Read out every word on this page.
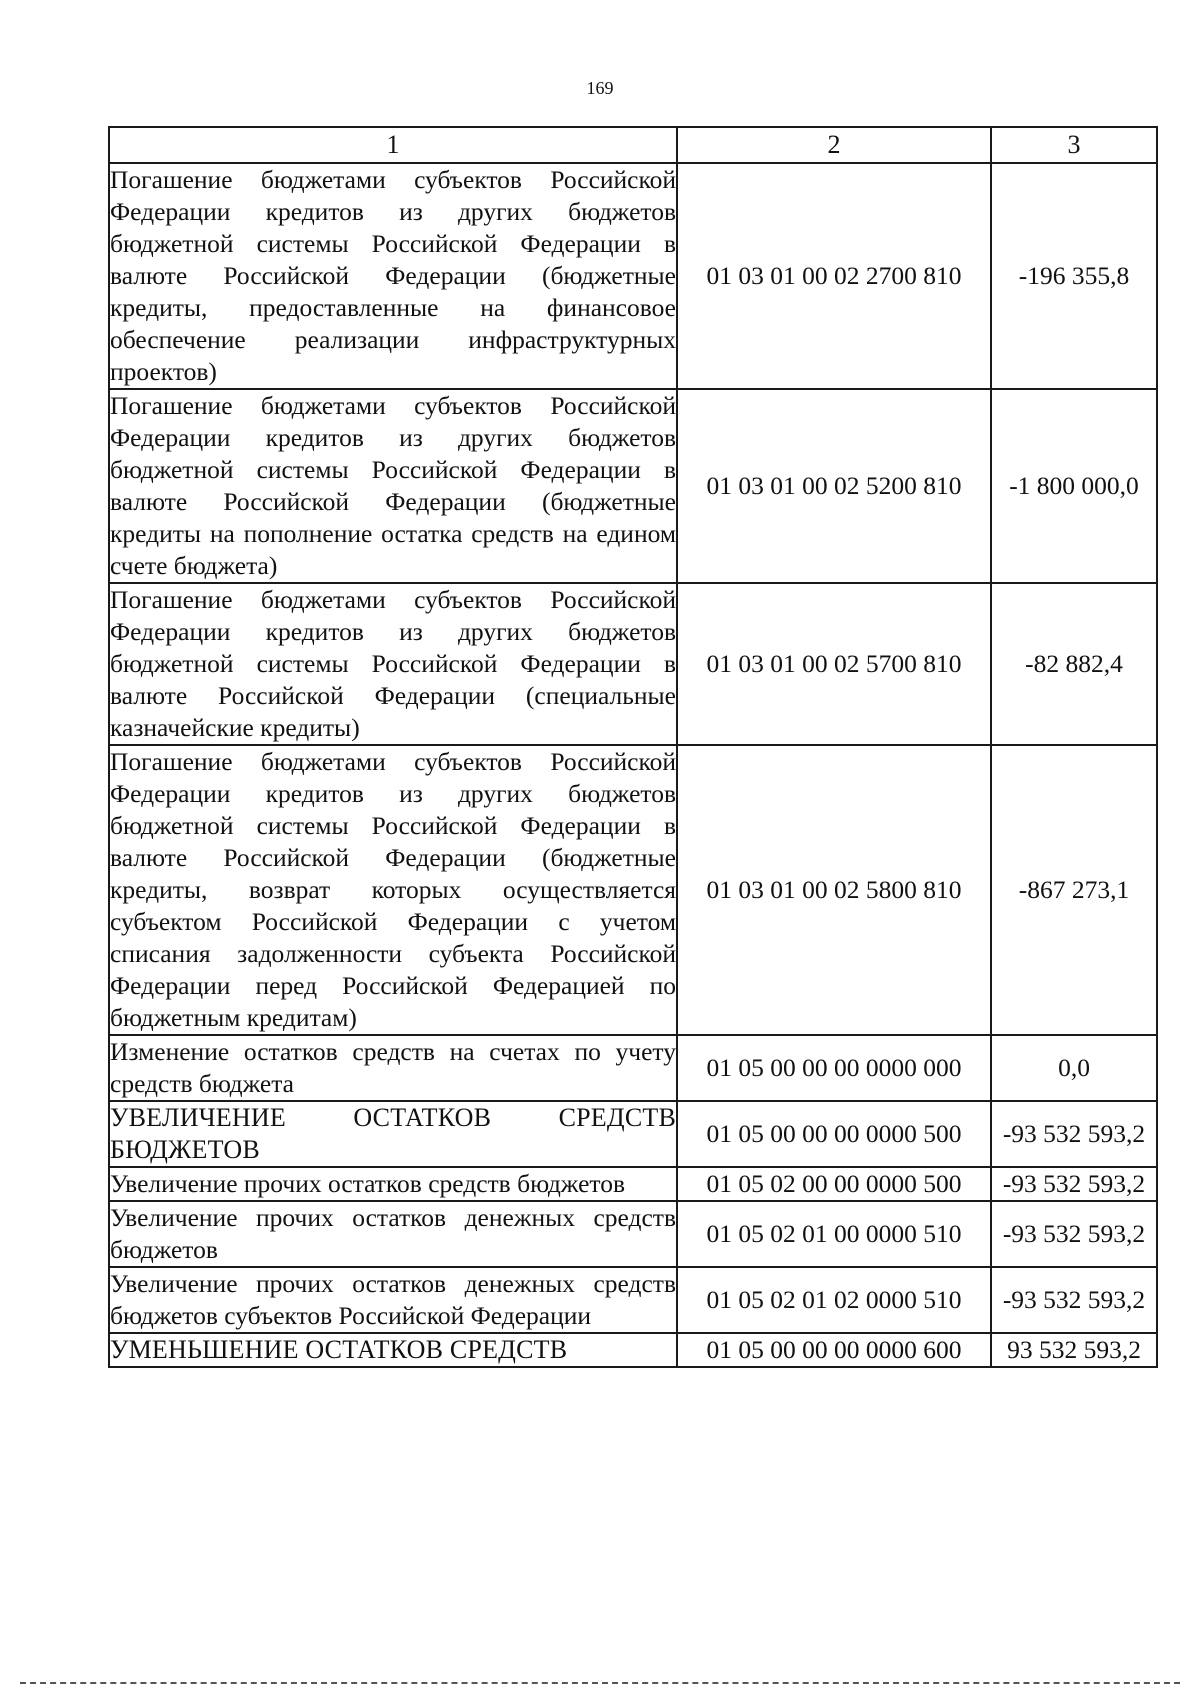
169
1	2	3
Погашение бюджетами субъектов Российской Федерации кредитов из других бюджетов бюджетной системы Российской Федерации в валюте Российской Федерации (бюджетные кредиты, предоставленные на финансовое обеспечение реализации инфраструктурных проектов)	01 03 01 00 02 2700 810	-196 355,8
Погашение бюджетами субъектов Российской Федерации кредитов из других бюджетов бюджетной системы Российской Федерации в валюте Российской Федерации (бюджетные кредиты на пополнение остатка средств на едином счете бюджета)	01 03 01 00 02 5200 810	-1 800 000,0
Погашение бюджетами субъектов Российской Федерации кредитов из других бюджетов бюджетной системы Российской Федерации в валюте Российской Федерации (специальные казначейские кредиты)	01 03 01 00 02 5700 810	-82 882,4
Погашение бюджетами субъектов Российской Федерации кредитов из других бюджетов бюджетной системы Российской Федерации в валюте Российской Федерации (бюджетные кредиты, возврат которых осуществляется субъектом Российской Федерации с учетом списания задолженности субъекта Российской Федерации перед Российской Федерацией по бюджетным кредитам)	01 03 01 00 02 5800 810	-867 273,1
Изменение остатков средств на счетах по учету средств бюджета	01 05 00 00 00 0000 000	0,0
УВЕЛИЧЕНИЕ ОСТАТКОВ СРЕДСТВ БЮДЖЕТОВ	01 05 00 00 00 0000 500	-93 532 593,2
Увеличение прочих остатков средств бюджетов	01 05 02 00 00 0000 500	-93 532 593,2
Увеличение прочих остатков денежных средств бюджетов	01 05 02 01 00 0000 510	-93 532 593,2
Увеличение прочих остатков денежных средств бюджетов субъектов Российской Федерации	01 05 02 01 02 0000 510	-93 532 593,2
УМЕНЬШЕНИЕ ОСТАТКОВ СРЕДСТВ	01 05 00 00 00 0000 600	93 532 593,2
